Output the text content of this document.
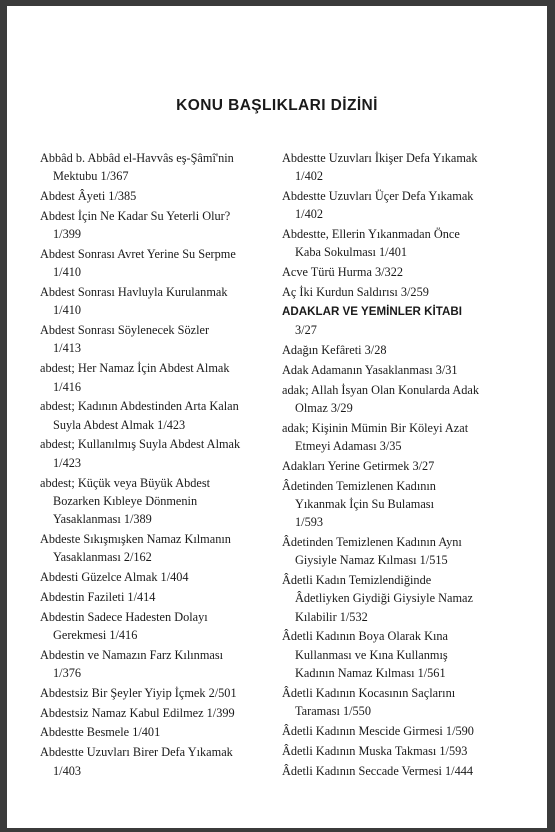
KONU BAŞLIKLARI DİZİNİ
Abbâd b. Abbâd el-Havvâs eş-Şâmî'nin
Mektubu 1/367
Abdest Âyeti 1/385
Abdest İçin Ne Kadar Su Yeterli Olur?
1/399
Abdest Sonrası Avret Yerine Su Serpme
1/410
Abdest Sonrası Havluyla Kurulanmak
1/410
Abdest Sonrası Söylenecek Sözler
1/413
abdest; Her Namaz İçin Abdest Almak
1/416
abdest; Kadının Abdestinden Arta Kalan
Suyla Abdest Almak 1/423
abdest; Kullanılmış Suyla Abdest Almak
1/423
abdest; Küçük veya Büyük Abdest
Bozarken Kıbleye Dönmenin
Yasaklanması 1/389
Abdeste Sıkışmışken Namaz Kılmanın
Yasaklanması 2/162
Abdesti Güzelce Almak 1/404
Abdestin Fazileti 1/414
Abdestin Sadece Hadesten Dolayı
Gerekmesi 1/416
Abdestin ve Namazın Farz Kılınması
1/376
Abdestsiz Bir Şeyler Yiyip İçmek 2/501
Abdestsiz Namaz Kabul Edilmez 1/399
Abdestte Besmele 1/401
Abdestte Uzuvları Birer Defa Yıkamak
1/403
Abdestte Uzuvları İkişer Defa Yıkamak
1/402
Abdestte Uzuvları Üçer Defa Yıkamak
1/402
Abdestte, Ellerin Yıkanmadan Önce
Kaba Sokulması 1/401
Acve Türü Hurma 3/322
Aç İki Kurdun Saldırısı 3/259
ADAKLAR VE YEMİNLER KİTABI
3/27
Adağın Kefâreti 3/28
Adak Adamanın Yasaklanması 3/31
adak; Allah İsyan Olan Konularda Adak
Olmaz 3/29
adak; Kişinin Mümin Bir Köleyi Azat
Etmeyi Adaması 3/35
Adakları Yerine Getirmek 3/27
Âdetinden Temizlenen Kadının
Yıkanmak İçin Su Bulaması
1/593
Âdetinden Temizlenen Kadının Aynı
Giysiyle Namaz Kılması 1/515
Âdetli Kadın Temizlendiğinde
Âdetliyken Giydiği Giysiyle Namaz
Kılabilir 1/532
Âdetli Kadının Boya Olarak Kına
Kullanması ve Kına Kullanmış
Kadının Namaz Kılması 1/561
Âdetli Kadının Kocasının Saçlarını
Taraması 1/550
Âdetli Kadının Mescide Girmesi 1/590
Âdetli Kadının Muska Takması 1/593
Âdetli Kadının Seccade Vermesi 1/444
